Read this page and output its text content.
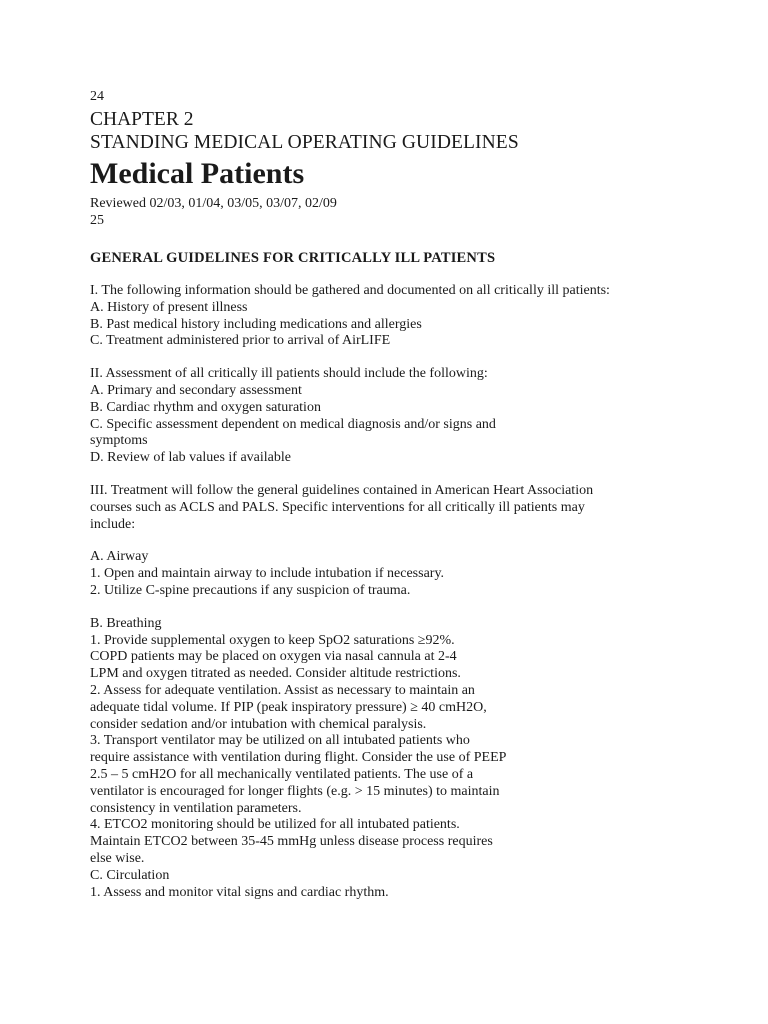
24
CHAPTER 2
STANDING MEDICAL OPERATING GUIDELINES
Medical Patients
Reviewed 02/03, 01/04, 03/05, 03/07, 02/09
25
GENERAL GUIDELINES FOR CRITICALLY ILL PATIENTS
I. The following information should be gathered and documented on all critically ill patients:
A. History of present illness
B. Past medical history including medications and allergies
C. Treatment administered prior to arrival of AirLIFE
II. Assessment of all critically ill patients should include the following:
A. Primary and secondary assessment
B. Cardiac rhythm and oxygen saturation
C. Specific assessment dependent on medical diagnosis and/or signs and
symptoms
D. Review of lab values if available
III. Treatment will follow the general guidelines contained in American Heart Association
courses such as ACLS and PALS. Specific interventions for all critically ill patients may
include:
A. Airway
1. Open and maintain airway to include intubation if necessary.
2. Utilize C-spine precautions if any suspicion of trauma.
B. Breathing
1. Provide supplemental oxygen to keep SpO2 saturations ≥92%.
COPD patients may be placed on oxygen via nasal cannula at 2-4
LPM and oxygen titrated as needed. Consider altitude restrictions.
2. Assess for adequate ventilation. Assist as necessary to maintain an
adequate tidal volume. If PIP (peak inspiratory pressure) ≥ 40 cmH2O,
consider sedation and/or intubation with chemical paralysis.
3. Transport ventilator may be utilized on all intubated patients who
require assistance with ventilation during flight. Consider the use of PEEP
2.5 – 5 cmH2O for all mechanically ventilated patients. The use of a
ventilator is encouraged for longer flights (e.g. > 15 minutes) to maintain
consistency in ventilation parameters.
4. ETCO2 monitoring should be utilized for all intubated patients.
Maintain ETCO2 between 35-45 mmHg unless disease process requires
else wise.
C. Circulation
1. Assess and monitor vital signs and cardiac rhythm.
